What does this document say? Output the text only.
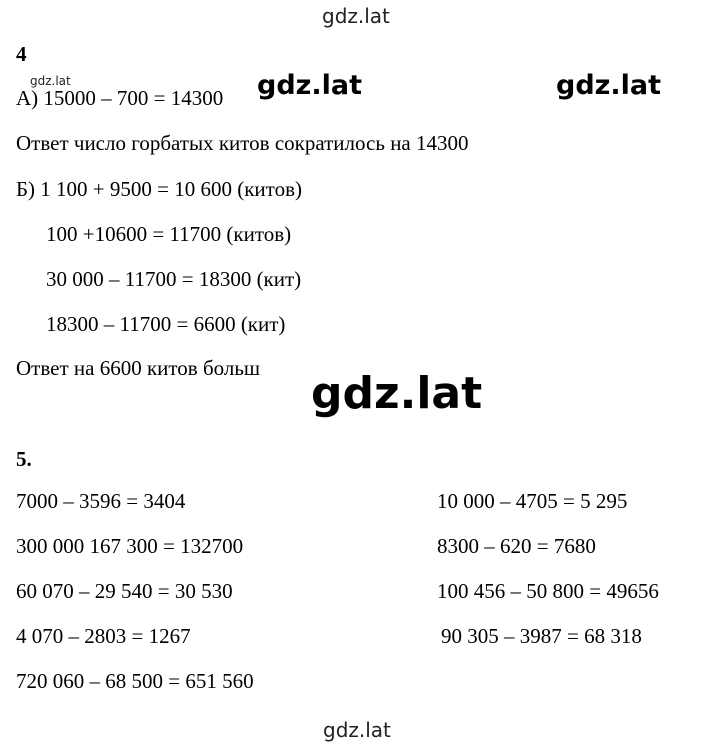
gdz.lat
gdz.lat	gdz.lat	gdz.lat
gdz.lat
gdz.lat
4
А) 15000 – 700 = 14300
Ответ число горбатых китов сократилось на 14300
Б) 1 100 + 9500 = 10 600 (китов)
100 +10600 = 11700 (китов)
30 000 – 11700 = 18300 (кит)
18300 – 11700 = 6600 (кит)
Ответ на 6600 китов больш
5.
7000 – 3596 = 3404
300 000 167 300 = 132700
60 070 – 29 540 = 30 530
4 070 – 2803 = 1267
720 060 – 68 500 = 651 560
10 000 – 4705 = 5 295
8300 – 620 = 7680
100 456 – 50 800 = 49656
90 305 – 3987 = 68 318
